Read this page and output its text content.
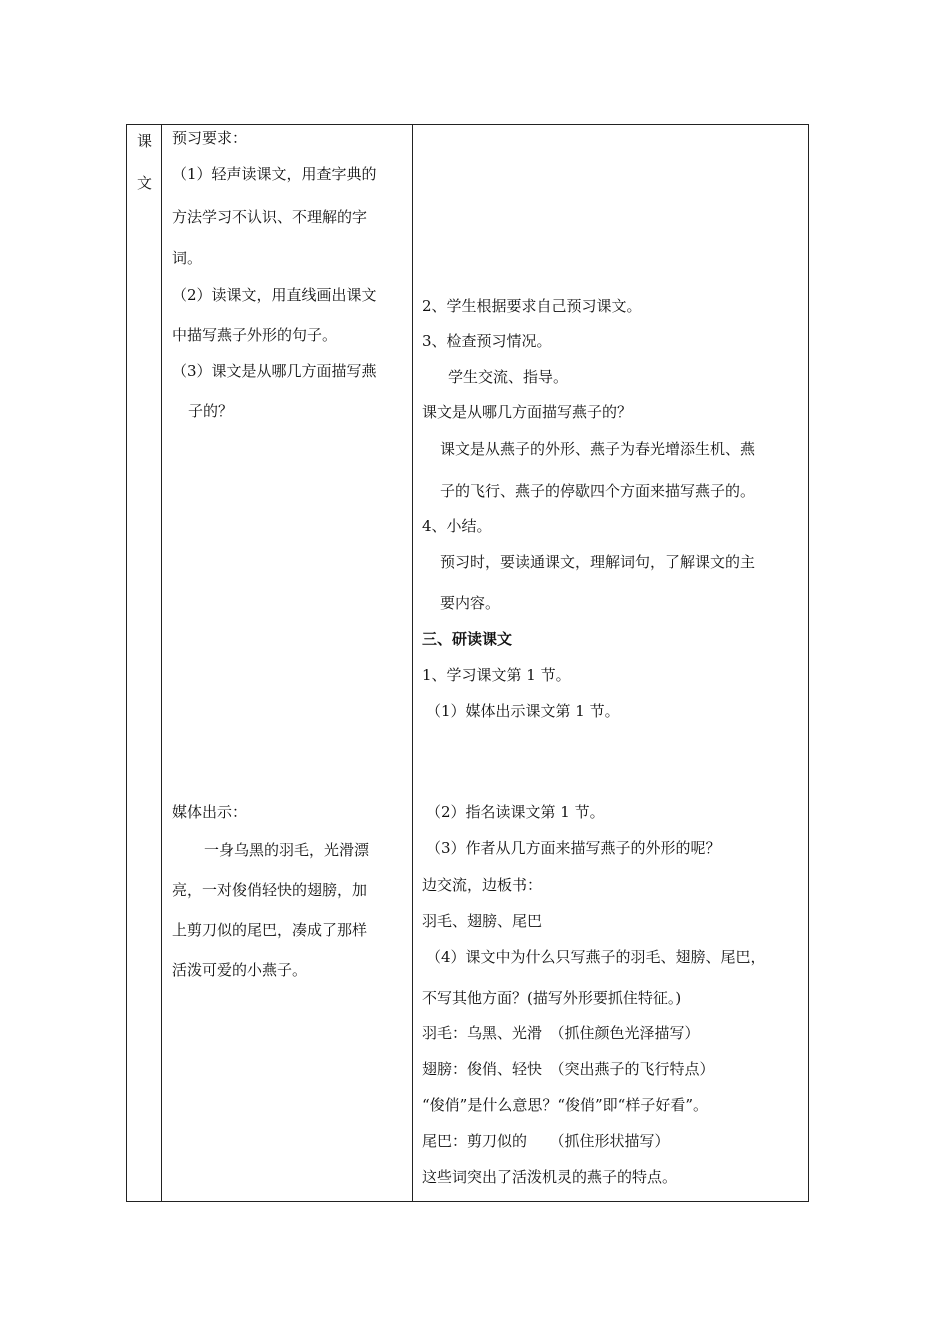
课
文
预习要求：
（1）轻声读课文，用查字典的
方法学习不认识、不理解的字
词。
（2）读课文，用直线画出课文
中描写燕子外形的句子。
（3）课文是从哪几方面描写燕
子的？
媒体出示：
一身乌黑的羽毛，光滑漂
亮，一对俊俏轻快的翅膀，加
上剪刀似的尾巴，凑成了那样
活泼可爱的小燕子。
2、学生根据要求自己预习课文。
3、检查预习情况。
学生交流、指导。
课文是从哪几方面描写燕子的？
课文是从燕子的外形、燕子为春光增添生机、燕
子的飞行、燕子的停歇四个方面来描写燕子的。
4、小结。
预习时，要读通课文，理解词句，了解课文的主
要内容。
三、研读课文
1、学习课文第 1 节。
（1）媒体出示课文第 1 节。
（2）指名读课文第 1 节。
（3）作者从几方面来描写燕子的外形的呢？
边交流，边板书：
羽毛、翅膀、尾巴
（4）课文中为什么只写燕子的羽毛、翅膀、尾巴，
不写其他方面？(描写外形要抓住特征。)
羽毛：乌黑、光滑　（抓住颜色光泽描写）
翅膀：俊俏、轻快　（突出燕子的飞行特点）
“俊俏”是什么意思？“俊俏”即“样子好看”。
尾巴：剪刀似的　　（抓住形状描写）
这些词突出了活泼机灵的燕子的特点。
